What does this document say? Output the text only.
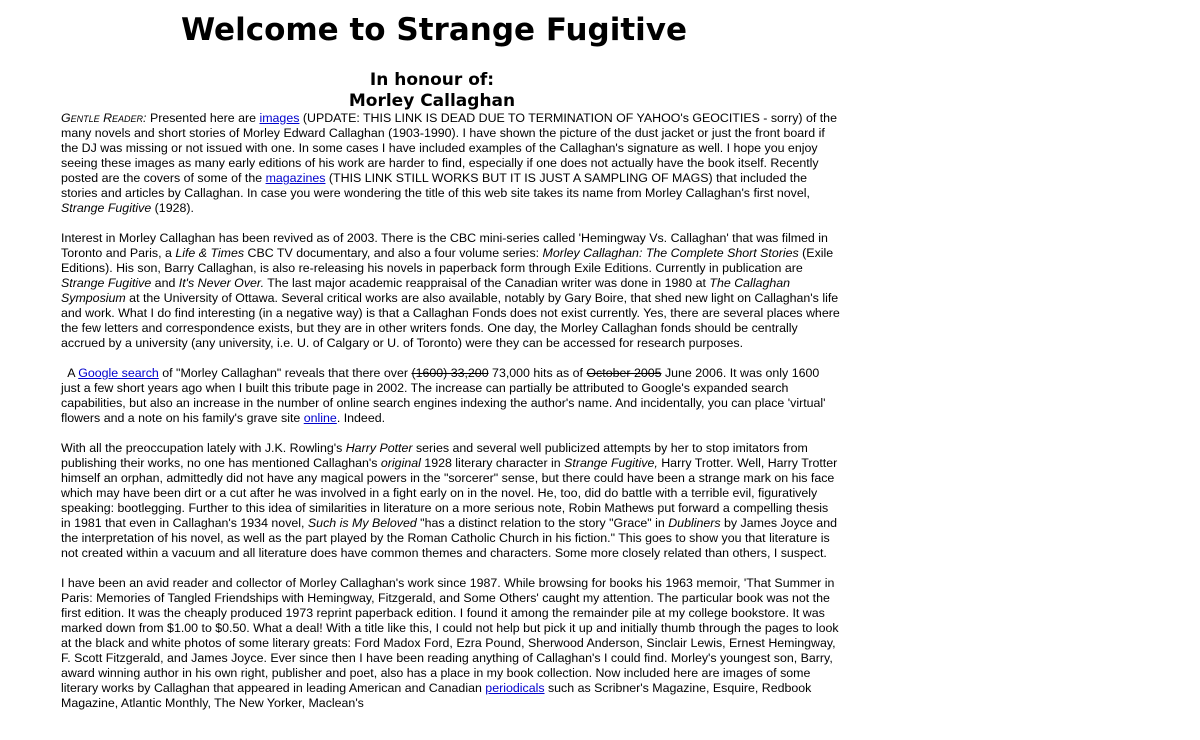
Welcome to Strange Fugitive
In honour of:
Morley Callaghan

Gentle Reader: Presented here are images (UPDATE: THIS LINK IS DEAD DUE TO TERMINATION OF YAHOO's GEOCITIES - sorry) of the many novels and short stories of Morley Edward Callaghan (1903-1990). I have shown the picture of the dust jacket or just the front board if the DJ was missing or not issued with one. In some cases I have included examples of the Callaghan's signature as well. I hope you enjoy seeing these images as many early editions of his work are harder to find, especially if one does not actually have the book itself. Recently posted are the covers of some of the magazines (THIS LINK STILL WORKS BUT IT IS JUST A SAMPLING OF MAGS) that included the stories and articles by Callaghan. In case you were wondering the title of this web site takes its name from Morley Callaghan's first novel, Strange Fugitive (1928).

Interest in Morley Callaghan has been revived as of 2003. There is the CBC mini-series called 'Hemingway Vs. Callaghan' that was filmed in Toronto and Paris, a Life & Times CBC TV documentary, and also a four volume series: Morley Callaghan: The Complete Short Stories (Exile Editions). His son, Barry Callaghan, is also re-releasing his novels in paperback form through Exile Editions. Currently in publication are Strange Fugitive and It's Never Over. The last major academic reappraisal of the Canadian writer was done in 1980 at The Callaghan Symposium at the University of Ottawa. Several critical works are also available, notably by Gary Boire, that shed new light on Callaghan's life and work. What I do find interesting (in a negative way) is that a Callaghan Fonds does not exist currently. Yes, there are several places where the few letters and correspondence exists, but they are in other writers fonds. One day, the Morley Callaghan fonds should be centrally accrued by a university (any university, i.e. U. of Calgary or U. of Toronto) were they can be accessed for research purposes.

A Google search of "Morley Callaghan" reveals that there over (1600) 33,200 73,000 hits as of October 2005 June 2006. It was only 1600 just a few short years ago when I built this tribute page in 2002. The increase can partially be attributed to Google's expanded search capabilities, but also an increase in the number of online search engines indexing the author's name. And incidentally, you can place 'virtual' flowers and a note on his family's grave site online. Indeed.

With all the preoccupation lately with J.K. Rowling's Harry Potter series and several well publicized attempts by her to stop imitators from publishing their works, no one has mentioned Callaghan's original 1928 literary character in Strange Fugitive, Harry Trotter. Well, Harry Trotter himself an orphan, admittedly did not have any magical powers in the "sorcerer" sense, but there could have been a strange mark on his face which may have been dirt or a cut after he was involved in a fight early on in the novel. He, too, did do battle with a terrible evil, figuratively speaking: bootlegging. Further to this idea of similarities in literature on a more serious note, Robin Mathews put forward a compelling thesis in 1981 that even in Callaghan's 1934 novel, Such is My Beloved "has a distinct relation to the story "Grace" in Dubliners by James Joyce and the interpretation of his novel, as well as the part played by the Roman Catholic Church in his fiction." This goes to show you that literature is not created within a vacuum and all literature does have common themes and characters. Some more closely related than others, I suspect.

I have been an avid reader and collector of Morley Callaghan's work since 1987. While browsing for books his 1963 memoir, 'That Summer in Paris: Memories of Tangled Friendships with Hemingway, Fitzgerald, and Some Others' caught my attention. The particular book was not the first edition. It was the cheaply produced 1973 reprint paperback edition. I found it among the remainder pile at my college bookstore. It was marked down from $1.00 to $0.50. What a deal! With a title like this, I could not help but pick it up and initially thumb through the pages to look at the black and white photos of some literary greats: Ford Madox Ford, Ezra Pound, Sherwood Anderson, Sinclair Lewis, Ernest Hemingway, F. Scott Fitzgerald, and James Joyce. Ever since then I have been reading anything of Callaghan's I could find. Morley's youngest son, Barry, award winning author in his own right, publisher and poet, also has a place in my book collection. Now included here are images of some literary works by Callaghan that appeared in leading American and Canadian periodicals such as Scribner's Magazine, Esquire, Redbook Magazine, Atlantic Monthly, The New Yorker, Maclean's
